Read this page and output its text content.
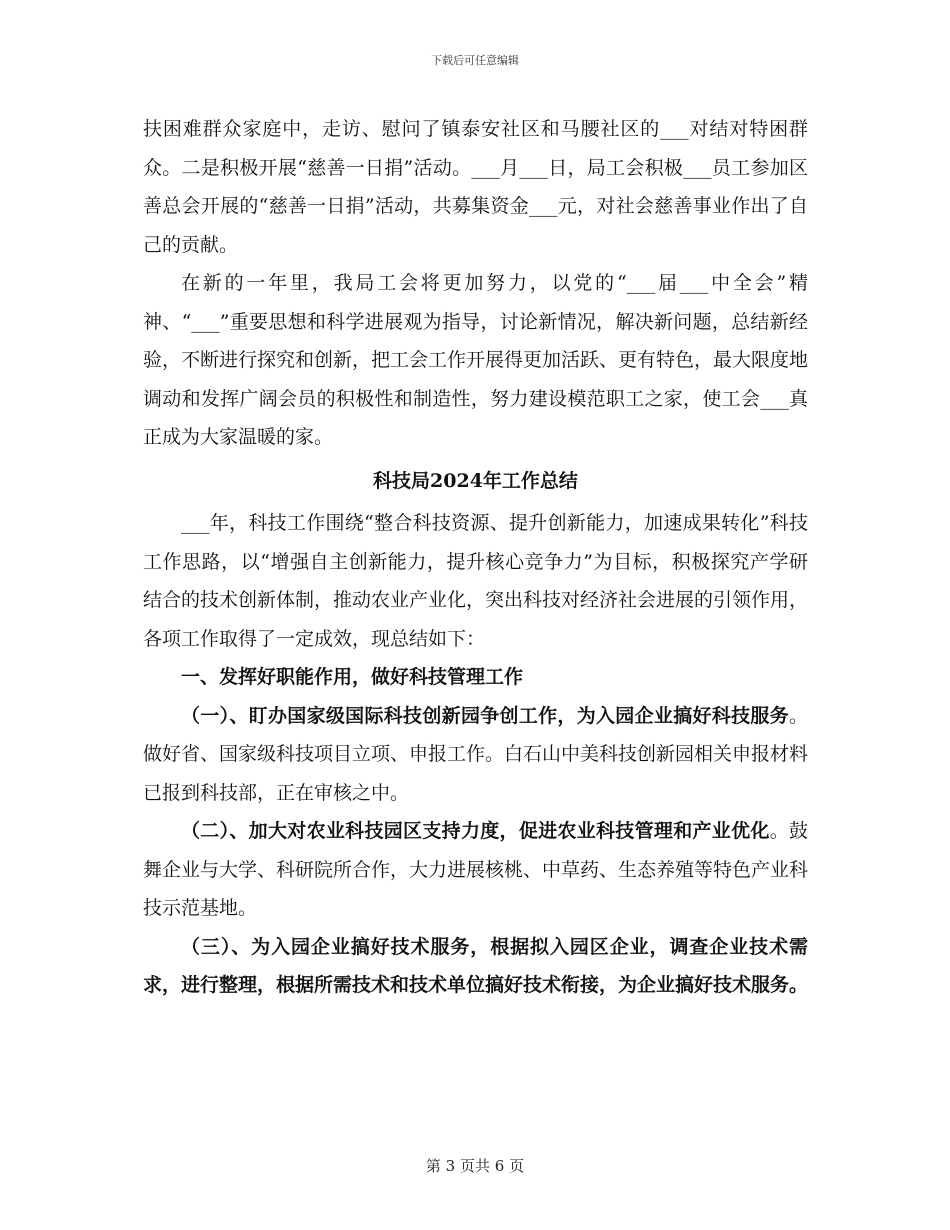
下载后可任意编辑

扶困难群众家庭中，走访、慰问了镇泰安社区和马腰社区的___对结对特困群众。二是积极开展“慈善一日捐”活动。___月___日，局工会积极___员工参加区善总会开展的“慈善一日捐”活动，共募集资金___元，对社会慈善事业作出了自己的贡献。

在新的一年里，我局工会将更加努力，以党的“___届___中全会”精神、“___”重要思想和科学进展观为指导，讨论新情况，解决新问题，总结新经验，不断进行探究和创新，把工会工作开展得更加活跃、更有特色，最大限度地调动和发挥广阔会员的积极性和制造性，努力建设模范职工之家，使工会___真正成为大家温暖的家。

科技局2024年工作总结

___年，科技工作围绕“整合科技资源、提升创新能力，加速成果转化”科技工作思路，以“增强自主创新能力，提升核心竞争力”为目标，积极探究产学研结合的技术创新体制，推动农业产业化，突出科技对经济社会进展的引领作用，各项工作取得了一定成效，现总结如下：

一、发挥好职能作用，做好科技管理工作

（一）、盯办国家级国际科技创新园争创工作，为入园企业搞好科技服务。做好省、国家级科技项目立项、申报工作。白石山中美科技创新园相关申报材料已报到科技部，正在审核之中。

（二）、加大对农业科技园区支持力度，促进农业科技管理和产业优化。鼓舞企业与大学、科研院所合作，大力进展核桃、中草药、生态养殖等特色产业科技示范基地。

（三）、为入园企业搞好技术服务，根据拟入园区企业，调查企业技术需求，进行整理，根据所需技术和技术单位搞好技术衔接，为企业搞好技术服务。

第 3 页共 6 页
